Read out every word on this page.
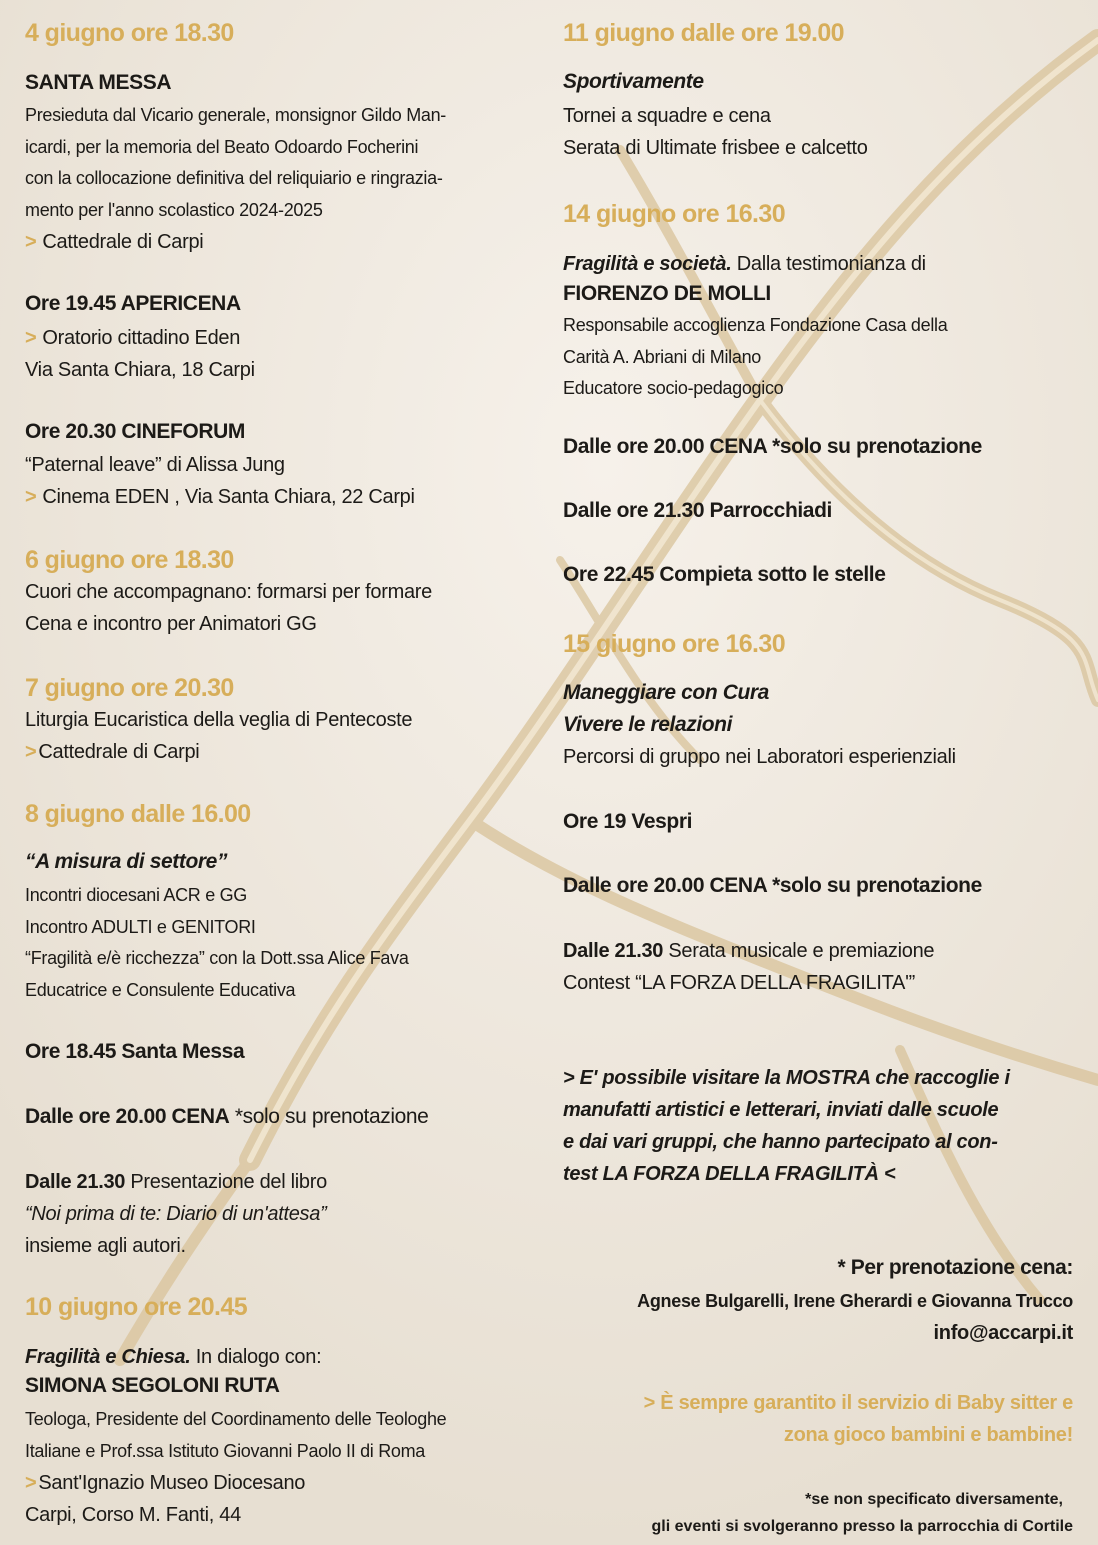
4 giugno ore 18.30
SANTA MESSA
Presieduta dal Vicario generale, monsignor Gildo Man-
icardi, per la memoria del Beato Odoardo Focherini
con la collocazione definitiva del reliquiario e ringrazia-
mento per l'anno scolastico 2024-2025
> Cattedrale di Carpi
Ore 19.45 APERICENA
> Oratorio cittadino Eden
Via Santa Chiara, 18 Carpi
Ore 20.30 CINEFORUM
“Paternal leave” di Alissa Jung
> Cinema EDEN , Via Santa Chiara, 22 Carpi
6 giugno ore 18.30
Cuori che accompagnano: formarsi per formare
Cena e incontro per Animatori GG
7 giugno ore 20.30
Liturgia Eucaristica della veglia di Pentecoste
> Cattedrale di Carpi
8 giugno dalle 16.00
“A misura di settore”
Incontri diocesani ACR e GG
Incontro ADULTI e GENITORI
“Fragilità e/è ricchezza” con la Dott.ssa Alice Fava
Educatrice e Consulente Educativa
Ore 18.45 Santa Messa
Dalle ore 20.00 CENA *solo su prenotazione
Dalle 21.30 Presentazione del libro
“Noi prima di te: Diario di un'attesa”
insieme agli autori.
10 giugno ore 20.45
Fragilità e Chiesa. In dialogo con:
SIMONA SEGOLONI RUTA
Teologa, Presidente del Coordinamento delle Teologhe
Italiane e Prof.ssa Istituto Giovanni Paolo II di Roma
> Sant'Ignazio Museo Diocesano
Carpi, Corso M. Fanti, 44
11 giugno dalle ore 19.00
Sportivamente
Tornei a squadre e cena
Serata di Ultimate frisbee e calcetto
14 giugno ore 16.30
Fragilità e società. Dalla testimonianza di
FIORENZO DE MOLLI
Responsabile accoglienza Fondazione Casa della
Carità A. Abriani di Milano
Educatore socio-pedagogico
Dalle ore 20.00 CENA *solo su prenotazione
Dalle ore 21.30 Parrocchiadi
Ore 22.45 Compieta sotto le stelle
15 giugno ore 16.30
Maneggiare con Cura
Vivere le relazioni
Percorsi di gruppo nei Laboratori esperienziali
Ore 19 Vespri
Dalle ore 20.00 CENA *solo su prenotazione
Dalle 21.30 Serata musicale e premiazione
Contest “LA FORZA DELLA FRAGILITA'”
> E' possibile visitare la MOSTRA che raccoglie i
manufatti artistici e letterari, inviati dalle scuole
e dai vari gruppi, che hanno partecipato al con-
test LA FORZA DELLA FRAGILITÀ <
* Per prenotazione cena:
Agnese Bulgarelli, Irene Gherardi e Giovanna Trucco
info@accarpi.it
> È sempre garantito il servizio di Baby sitter e
zona gioco bambini e bambine!
*se non specificato diversamente,
gli eventi si svolgeranno presso la parrocchia di Cortile
